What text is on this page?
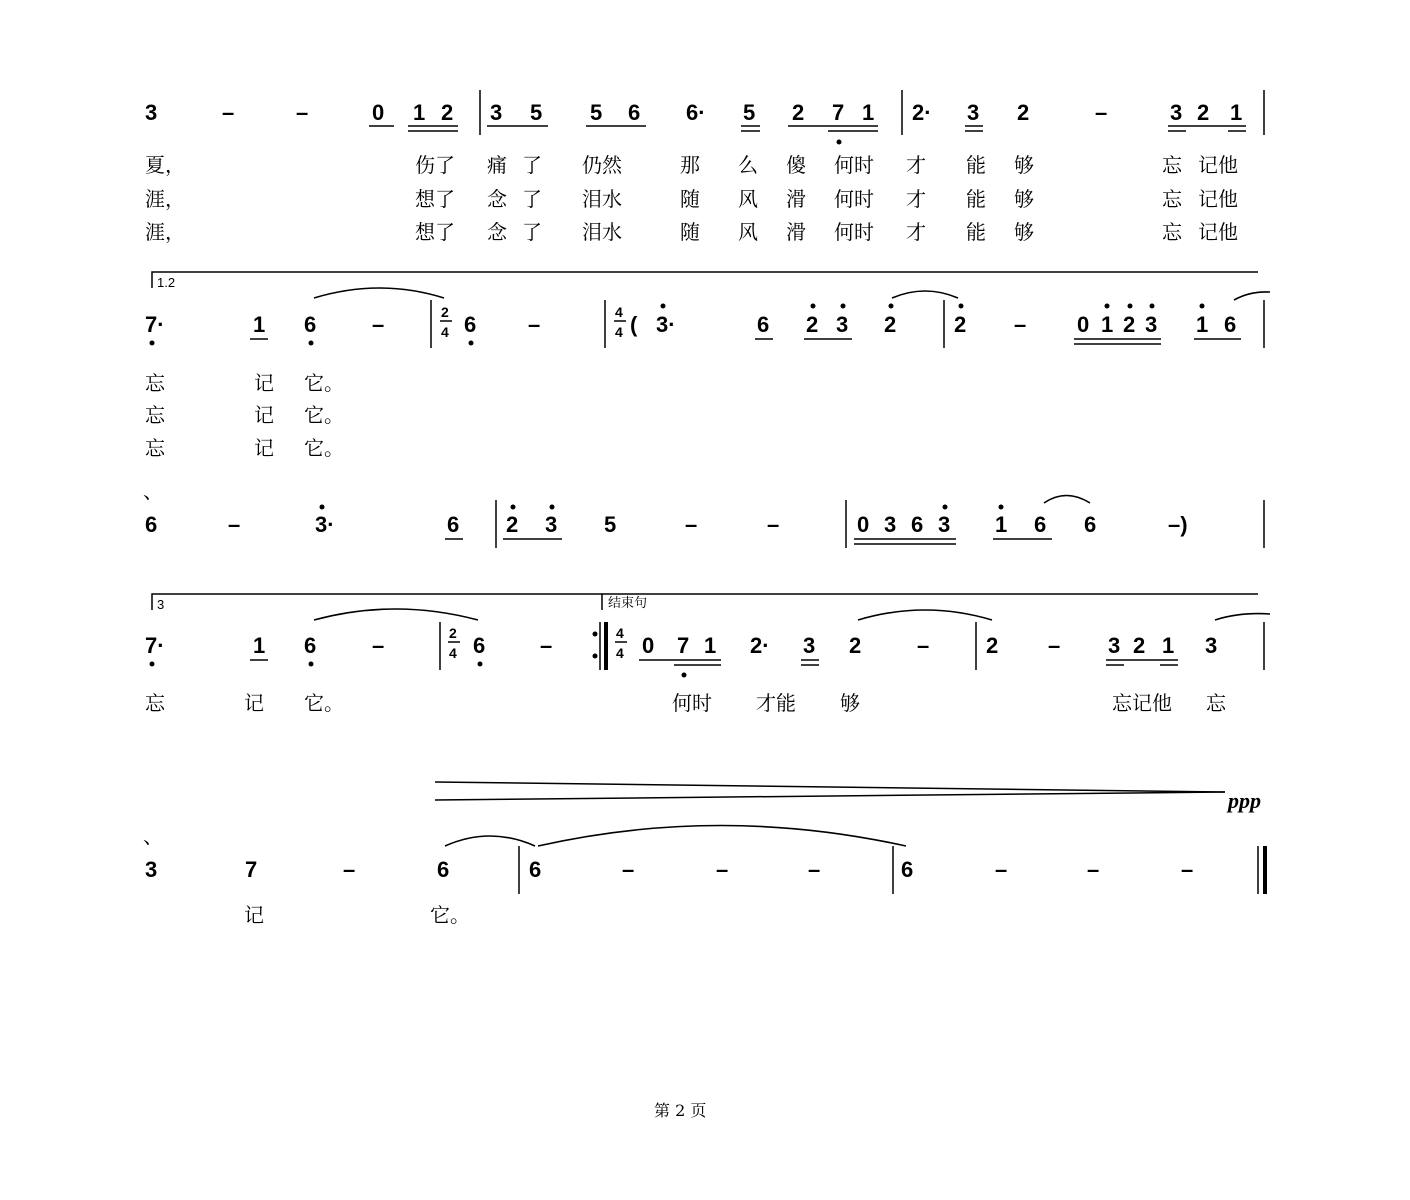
3	–	–	0 1 2 3 5 5 6 6· 5 2 7 1 2· 3 2	–	3 2 1
夏，	伤了 痛 了 仍然	那 么 傻 何时 才 能 够	忘 记他
涯，	想了 念 了 泪水	随 风 滑 何时 才 能 够	忘 记他
涯，	想了 念 了 泪水	随 风 滑 何时 才 能 够	忘 记他
1.2
7·	1 6	–	2
4 6 –	4
4 ( 3·	6 2 3 2	2 – 0 1 2 3 1 6
忘	记 它。
忘	记 它。
忘	记 它。
、
6	–	3·	6 2 3 5	–	–	0 3 6 3 1 6 6	–)
3	结束句
7·	1 6	–	2
4 6 –	4
4 0 7 1 2· 3 2	–	2 – 3 2 1 3
忘	记 它。	何时 才能 够	忘记他 忘
ppp
、
3	7	–	6	6	–	–	–	6	–	–	–
记	它。
第 2 页
